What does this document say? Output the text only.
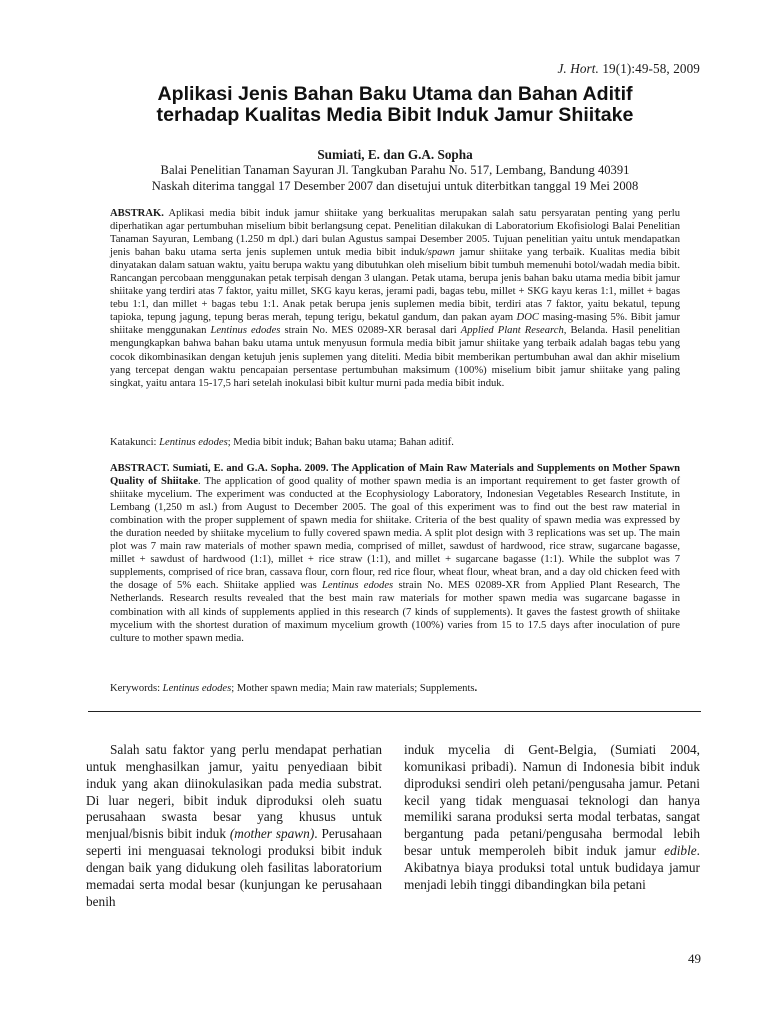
J. Hort. 19(1):49-58, 2009
Aplikasi Jenis Bahan Baku Utama dan Bahan Aditif
terhadap Kualitas Media Bibit Induk Jamur Shiitake
Sumiati, E. dan G.A. Sopha
Balai Penelitian Tanaman Sayuran Jl. Tangkuban Parahu No. 517, Lembang, Bandung 40391
Naskah diterima tanggal 17 Desember 2007 dan disetujui untuk diterbitkan tanggal 19 Mei 2008
ABSTRAK. Aplikasi media bibit induk jamur shiitake yang berkualitas merupakan salah satu persyaratan penting yang perlu diperhatikan agar pertumbuhan miselium bibit berlangsung cepat. Penelitian dilakukan di Laboratorium Ekofisiologi Balai Penelitian Tanaman Sayuran, Lembang (1.250 m dpl.) dari bulan Agustus sampai Desember 2005. Tujuan penelitian yaitu untuk mendapatkan jenis bahan baku utama serta jenis suplemen untuk media bibit induk/spawn jamur shiitake yang terbaik. Kualitas media bibit dinyatakan dalam satuan waktu, yaitu berupa waktu yang dibutuhkan oleh miselium bibit tumbuh memenuhi botol/wadah media bibit. Rancangan percobaan menggunakan petak terpisah dengan 3 ulangan. Petak utama, berupa jenis bahan baku utama media bibit jamur shiitake yang terdiri atas 7 faktor, yaitu millet, SKG kayu keras, jerami padi, bagas tebu, millet + SKG kayu keras 1:1, millet + bagas tebu 1:1, dan millet + bagas tebu 1:1. Anak petak berupa jenis suplemen media bibit, terdiri atas 7 faktor, yaitu bekatul, tepung tapioka, tepung jagung, tepung beras merah, tepung terigu, bekatul gandum, dan pakan ayam DOC masing-masing 5%. Bibit jamur shiitake menggunakan Lentinus edodes strain No. MES 02089-XR berasal dari Applied Plant Research, Belanda. Hasil penelitian mengungkapkan bahwa bahan baku utama untuk menyusun formula media bibit jamur shiitake yang terbaik adalah bagas tebu yang cocok dikombinasikan dengan ketujuh jenis suplemen yang diteliti. Media bibit memberikan pertumbuhan awal dan akhir miselium yang tercepat dengan waktu pencapaian persentase pertumbuhan maksimum (100%) miselium bibit jamur shiitake yang paling singkat, yaitu antara 15-17,5 hari setelah inokulasi bibit kultur murni pada media bibit induk.
Katakunci: Lentinus edodes; Media bibit induk; Bahan baku utama; Bahan aditif.
ABSTRACT. Sumiati, E. and G.A. Sopha. 2009. The Application of Main Raw Materials and Supplements on Mother Spawn Quality of Shiitake. The application of good quality of mother spawn media is an important requirement to get faster growth of shiitake mycelium. The experiment was conducted at the Ecophysiology Laboratory, Indonesian Vegetables Research Institute, in Lembang (1,250 m asl.) from August to December 2005. The goal of this experiment was to find out the best raw material in combination with the proper supplement of spawn media for shiitake. Criteria of the best quality of spawn media was expressed by the duration needed by shiitake mycelium to fully covered spawn media. A split plot design with 3 replications was set up. The main plot was 7 main raw materials of mother spawn media, comprised of millet, sawdust of hardwood, rice straw, sugarcane bagasse, millet + sawdust of hardwood (1:1), millet + rice straw (1:1), and millet + sugarcane bagasse (1:1). While the subplot was 7 supplements, comprised of rice bran, cassava flour, corn flour, red rice flour, wheat flour, wheat bran, and a day old chicken feed with the dosage of 5% each. Shiitake applied was Lentinus edodes strain No. MES 02089-XR from Applied Plant Research, The Netherlands. Research results revealed that the best main raw materials for mother spawn media was sugarcane bagasse in combination with all kinds of supplements applied in this research (7 kinds of supplements). It gaves the fastest growth of shiitake mycelium with the shortest duration of maximum mycelium growth (100%) varies from 15 to 17.5 days after inoculation of pure culture to mother spawn media.
Kerywords: Lentinus edodes; Mother spawn media; Main raw materials; Supplements.
Salah satu faktor yang perlu mendapat perhatian untuk menghasilkan jamur, yaitu penyediaan bibit induk yang akan diinokulasikan pada media substrat. Di luar negeri, bibit induk diproduksi oleh suatu perusahaan swasta besar yang khusus untuk menjual/bisnis bibit induk (mother spawn). Perusahaan seperti ini menguasai teknologi produksi bibit induk dengan baik yang didukung oleh fasilitas laboratorium memadai serta modal besar (kunjungan ke perusahaan benih
induk mycelia di Gent-Belgia, (Sumiati 2004, komunikasi pribadi). Namun di Indonesia bibit induk diproduksi sendiri oleh petani/pengusaha jamur. Petani kecil yang tidak menguasai teknologi dan hanya memiliki sarana produksi serta modal terbatas, sangat bergantung pada petani/pengusaha bermodal lebih besar untuk memperoleh bibit induk jamur edible. Akibatnya biaya produksi total untuk budidaya jamur menjadi lebih tinggi dibandingkan bila petani
49
